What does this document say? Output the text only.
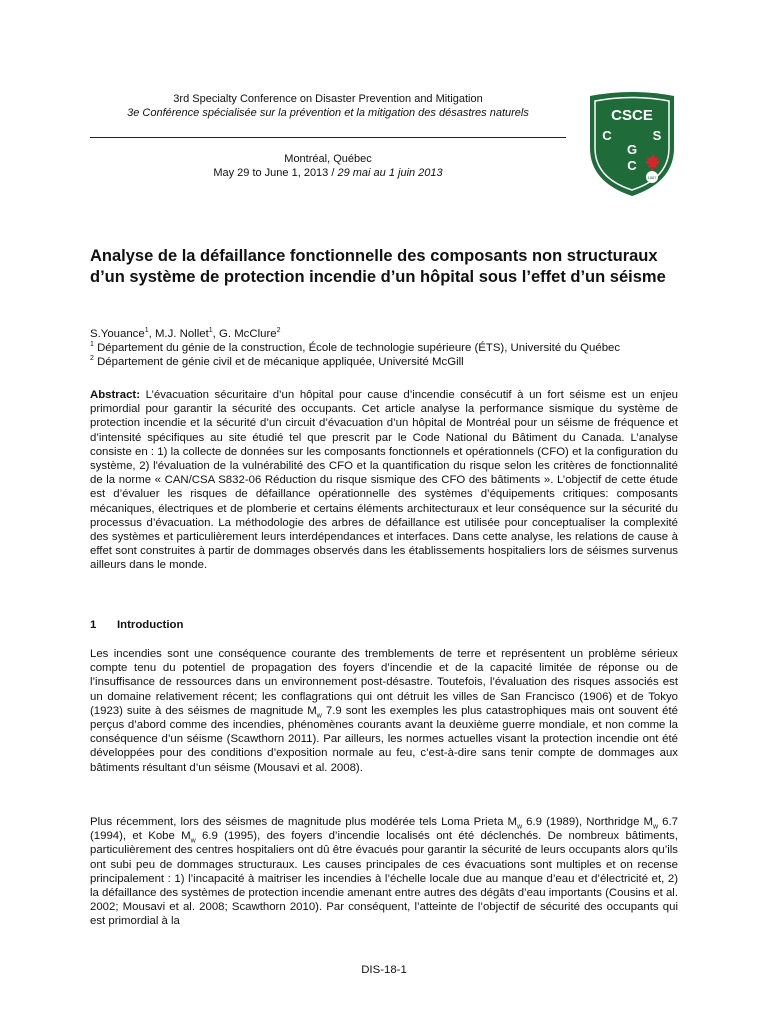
3rd Specialty Conference on Disaster Prevention and Mitigation
3e Conférence spécialisée sur la prévention et la mitigation des désastres naturels
Montréal, Québec
May 29 to June 1, 2013 / 29 mai au 1 juin 2013
CSCE
C
G
S
C
1887
Analyse de la défaillance fonctionnelle des composants non structuraux d’un système de protection incendie d’un hôpital sous l’effet d’un séisme
S.Youance$^1$, M.J. Nollet$^1$, G. McClure$^2$
$^1$ Département du génie de la construction, École de technologie supérieure (ÉTS), Université du Québec
$^2$ Département de génie civil et de mécanique appliquée, Université McGill

Abstract: L’évacuation sécuritaire d’un hôpital pour cause d’incendie consécutif à un fort séisme est un enjeu primordial pour garantir la sécurité des occupants. Cet article analyse la performance sismique du système de protection incendie et la sécurité d’un circuit d’évacuation d’un hôpital de Montréal pour un séisme de fréquence et d’intensité spécifiques au site étudié tel que prescrit par le Code National du Bâtiment du Canada. L’analyse consiste en : 1) la collecte de données sur les composants fonctionnels et opérationnels (CFO) et la configuration du système, 2) l'évaluation de la vulnérabilité des CFO et la quantification du risque selon les critères de fonctionnalité de la norme « CAN/CSA S832-06 Réduction du risque sismique des CFO des bâtiments ». L’objectif de cette étude est d’évaluer les risques de défaillance opérationnelle des systèmes d’équipements critiques: composants mécaniques, électriques et de plomberie et certains éléments architecturaux et leur conséquence sur la sécurité du processus d’évacuation. La méthodologie des arbres de défaillance est utilisée pour conceptualiser la complexité des systèmes et particulièrement leurs interdépendances et interfaces. Dans cette analyse, les relations de cause à effet sont construites à partir de dommages observés dans les établissements hospitaliers lors de séismes survenus ailleurs dans le monde.

1 Introduction

Les incendies sont une conséquence courante des tremblements de terre et représentent un problème sérieux compte tenu du potentiel de propagation des foyers d’incendie et de la capacité limitée de réponse ou de l’insuffisance de ressources dans un environnement post-désastre. Toutefois, l’évaluation des risques associés est un domaine relativement récent; les conflagrations qui ont détruit les villes de San Francisco (1906) et de Tokyo (1923) suite à des séismes de magnitude $M_w$ 7.9 sont les exemples les plus catastrophiques mais ont souvent été perçus d’abord comme des incendies, phénomènes courants avant la deuxième guerre mondiale, et non comme la conséquence d’un séisme (Scawthorn 2011). Par ailleurs, les normes actuelles visant la protection incendie ont été développées pour des conditions d’exposition normale au feu, c’est-à-dire sans tenir compte de dommages aux bâtiments résultant d’un séisme (Mousavi et al. 2008).

Plus récemment, lors des séismes de magnitude plus modérée tels Loma Prieta $M_w$ 6.9 (1989), Northridge $M_w$ 6.7 (1994), et Kobe $M_w$ 6.9 (1995), des foyers d’incendie localisés ont été déclenchés. De nombreux bâtiments, particulièrement des centres hospitaliers ont dû être évacués pour garantir la sécurité de leurs occupants alors qu’ils ont subi peu de dommages structuraux. Les causes principales de ces évacuations sont multiples et on recense principalement : 1) l’incapacité à maitriser les incendies à l’échelle locale due au manque d’eau et d’électricité et, 2) la défaillance des systèmes de protection incendie amenant entre autres des dégâts d’eau importants (Cousins et al. 2002; Mousavi et al. 2008; Scawthorn 2010). Par conséquent, l’atteinte de l’objectif de sécurité des occupants qui est primordial à la

DIS-18-1
